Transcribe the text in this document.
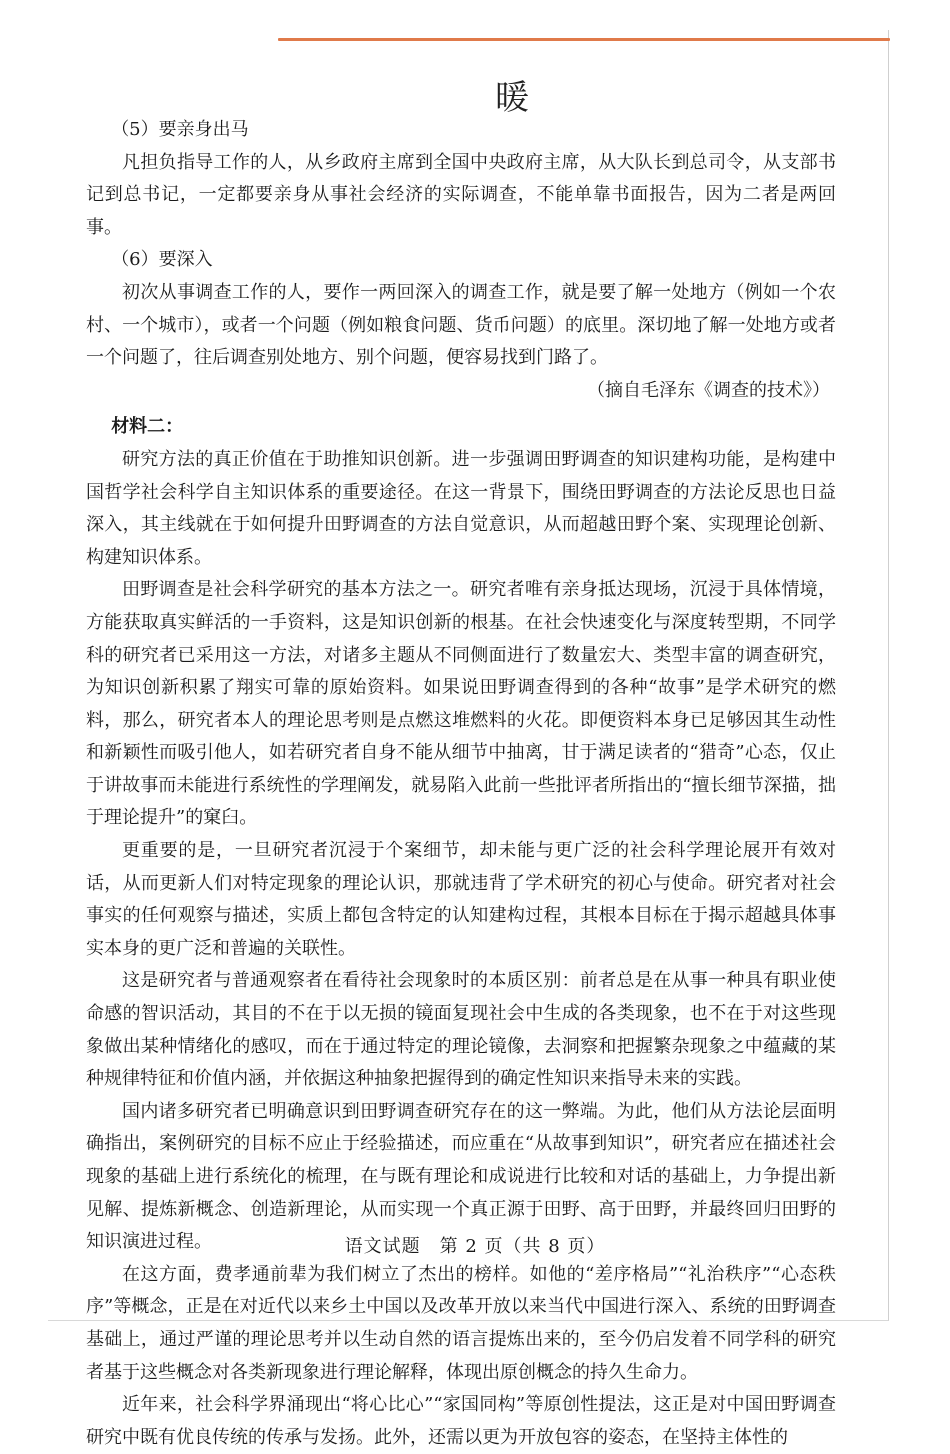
暖

（5）要亲身出马

凡担负指导工作的人，从乡政府主席到全国中央政府主席，从大队长到总司令，从支部书记到总书记，一定都要亲身从事社会经济的实际调查，不能单靠书面报告，因为二者是两回事。

（6）要深入

初次从事调查工作的人，要作一两回深入的调查工作，就是要了解一处地方（例如一个农村、一个城市），或者一个问题（例如粮食问题、货币问题）的底里。深切地了解一处地方或者一个问题了，往后调查别处地方、别个问题，便容易找到门路了。

（摘自毛泽东《调查的技术》）

材料二：

研究方法的真正价值在于助推知识创新。进一步强调田野调查的知识建构功能，是构建中国哲学社会科学自主知识体系的重要途径。在这一背景下，围绕田野调查的方法论反思也日益深入，其主线就在于如何提升田野调查的方法自觉意识，从而超越田野个案、实现理论创新、构建知识体系。

田野调查是社会科学研究的基本方法之一。研究者唯有亲身抵达现场，沉浸于具体情境，方能获取真实鲜活的一手资料，这是知识创新的根基。在社会快速变化与深度转型期，不同学科的研究者已采用这一方法，对诸多主题从不同侧面进行了数量宏大、类型丰富的调查研究，为知识创新积累了翔实可靠的原始资料。如果说田野调查得到的各种“故事”是学术研究的燃料，那么，研究者本人的理论思考则是点燃这堆燃料的火花。即便资料本身已足够因其生动性和新颖性而吸引他人，如若研究者自身不能从细节中抽离，甘于满足读者的“猎奇”心态，仅止于讲故事而未能进行系统性的学理阐发，就易陷入此前一些批评者所指出的“擅长细节深描，拙于理论提升”的窠臼。

更重要的是，一旦研究者沉浸于个案细节，却未能与更广泛的社会科学理论展开有效对话，从而更新人们对特定现象的理论认识，那就违背了学术研究的初心与使命。研究者对社会事实的任何观察与描述，实质上都包含特定的认知建构过程，其根本目标在于揭示超越具体事实本身的更广泛和普遍的关联性。

这是研究者与普通观察者在看待社会现象时的本质区别：前者总是在从事一种具有职业使命感的智识活动，其目的不在于以无损的镜面复现社会中生成的各类现象，也不在于对这些现象做出某种情绪化的感叹，而在于通过特定的理论镜像，去洞察和把握繁杂现象之中蕴藏的某种规律特征和价值内涵，并依据这种抽象把握得到的确定性知识来指导未来的实践。

国内诸多研究者已明确意识到田野调查研究存在的这一弊端。为此，他们从方法论层面明确指出，案例研究的目标不应止于经验描述，而应重在“从故事到知识”，研究者应在描述社会现象的基础上进行系统化的梳理，在与既有理论和成说进行比较和对话的基础上，力争提出新见解、提炼新概念、创造新理论，从而实现一个真正源于田野、高于田野，并最终回归田野的知识演进过程。

在这方面，费孝通前辈为我们树立了杰出的榜样。如他的“差序格局”“礼治秩序”“心态秩序”等概念，正是在对近代以来乡土中国以及改革开放以来当代中国进行深入、系统的田野调查基础上，通过严谨的理论思考并以生动自然的语言提炼出来的，至今仍启发着不同学科的研究者基于这些概念对各类新现象进行理论解释，体现出原创概念的持久生命力。

近年来，社会科学界涌现出“将心比心”“家国同构”等原创性提法，这正是对中国田野调查研究中既有优良传统的传承与发扬。此外，还需以更为开放包容的姿态，在坚持主体性的

语文试题　第 2 页（共 8 页）
